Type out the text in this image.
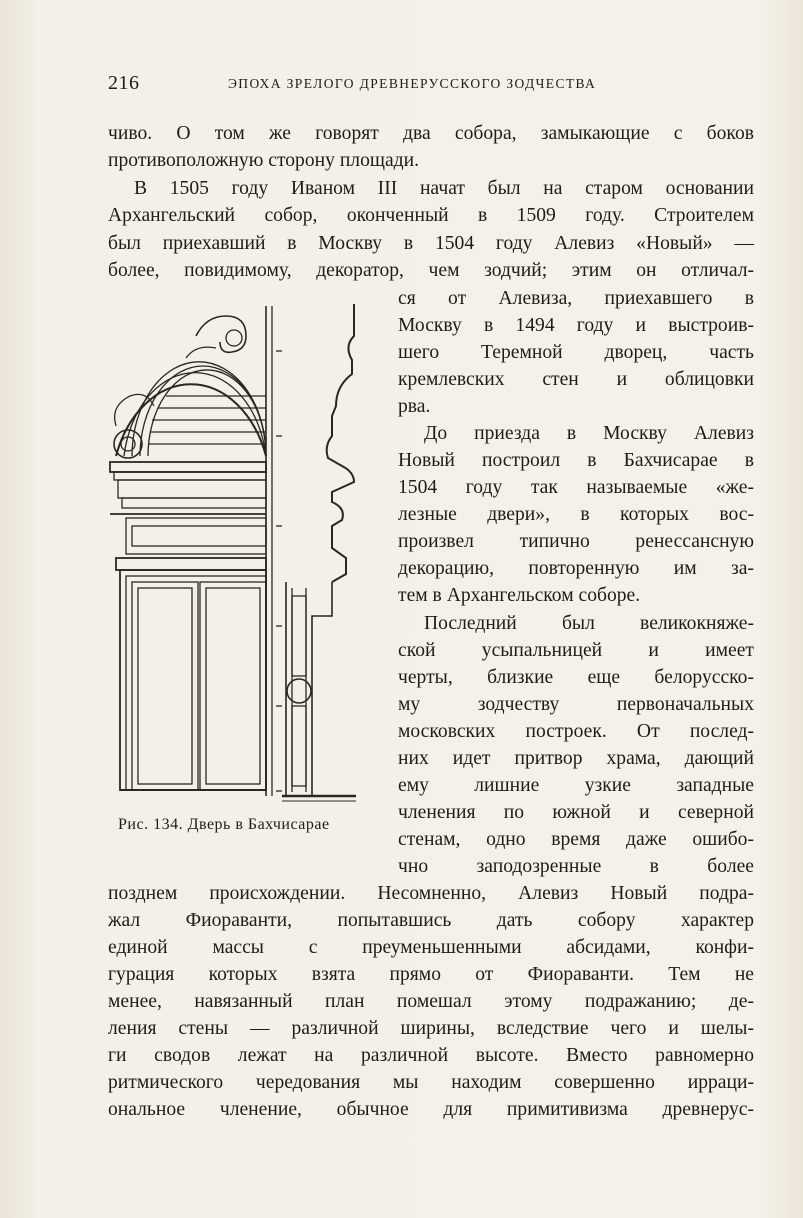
216	ЭПОХА ЗРЕЛОГО ДРЕВНЕРУССКОГО ЗОДЧЕСТВА
чиво. О том же говорят два собора, замыкающие с боков
противоположную сторону площади.
В 1505 году Иваном III начат был на старом основании
Архангельский собор, оконченный в 1509 году. Строителем
был приехавший в Москву в 1504 году Алевиз «Новый» —
более, повидимому, декоратор, чем зодчий; этим он отличал-
ся от Алевиза, приехавшего в
Москву в 1494 году и выстроив-
шего Теремной дворец, часть
кремлевских стен и облицовки
рва.
До приезда в Москву Алевиз
Новый построил в Бахчисарае в
1504 году так называемые «же-
лезные двери», в которых вос-
произвел типично ренессансную
декорацию, повторенную им за-
тем в Архангельском соборе.
Последний был великокняже-
ской усыпальницей и имеет
черты, близкие еще белорусско-
му зодчеству первоначальных
московских построек. От послед-
них идет притвор храма, дающий
ему лишние узкие западные
членения по южной и северной
стенам, одно время даже ошибо-
чно заподозренные в более
позднем происхождении. Несомненно, Алевиз Новый подра-
жал Фиораванти, попытавшись дать собору характер
единой массы с преуменьшенными абсидами, конфи-
гурация которых взята прямо от Фиораванти. Тем не
менее, навязанный план помешал этому подражанию; де-
ления стены — различной ширины, вследствие чего и шелы-
ги сводов лежат на различной высоте. Вместо равномерно
ритмического чередования мы находим совершенно ирраци-
ональное членение, обычное для примитивизма древнерус-
Рис. 134. Дверь в Бахчисарае
